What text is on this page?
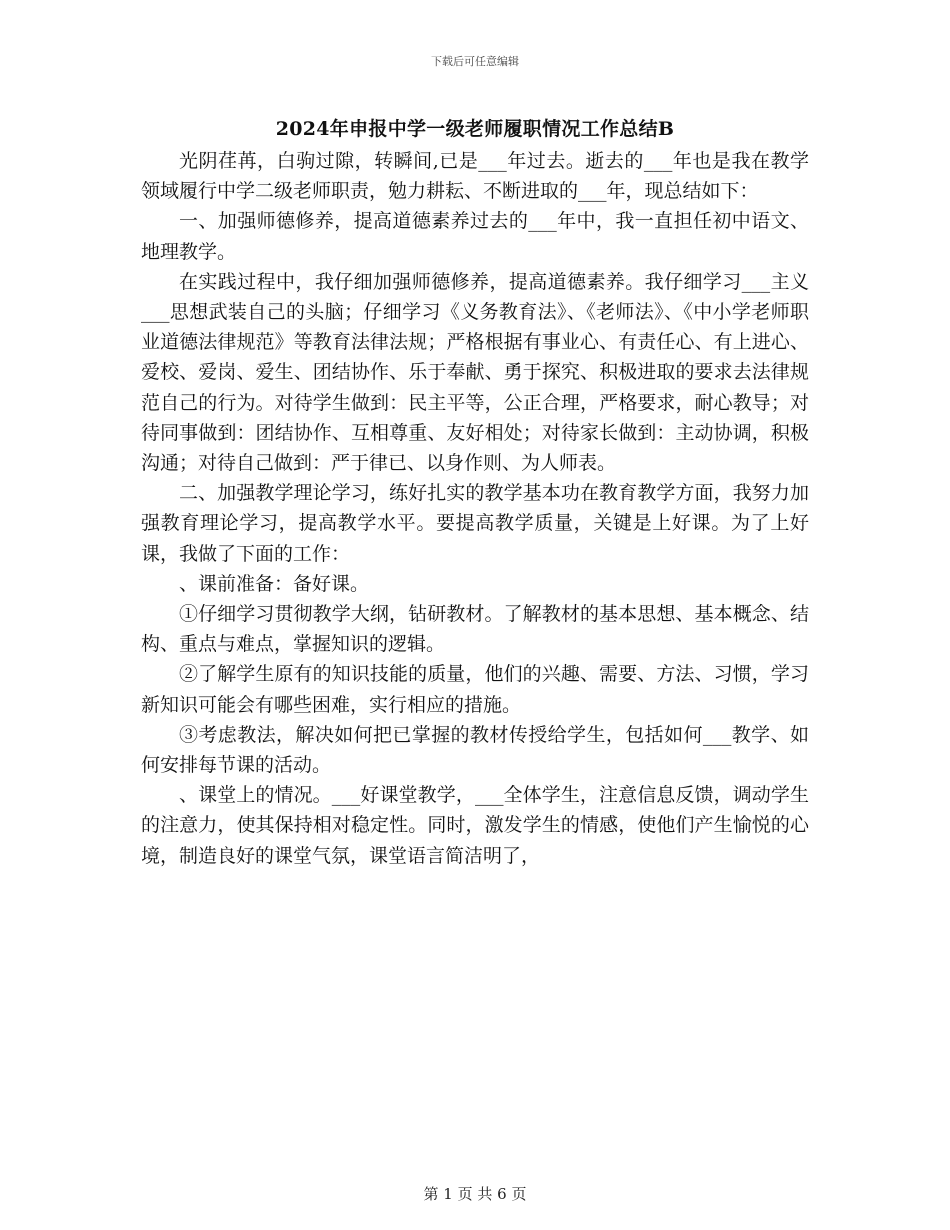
下载后可任意编辑
2024年申报中学一级老师履职情况工作总结B

光阴荏苒，白驹过隙，转瞬间,已是___年过去。逝去的___年也是我在教学领域履行中学二级老师职责，勉力耕耘、不断进取的___年，现总结如下：

一、加强师德修养，提高道德素养过去的___年中，我一直担任初中语文、地理教学。

在实践过程中，我仔细加强师德修养，提高道德素养。我仔细学习___主义___思想武装自己的头脑；仔细学习《义务教育法》、《老师法》、《中小学老师职业道德法律规范》等教育法律法规；严格根据有事业心、有责任心、有上进心、爱校、爱岗、爱生、团结协作、乐于奉献、勇于探究、积极进取的要求去法律规范自己的行为。对待学生做到：民主平等，公正合理，严格要求，耐心教导；对待同事做到：团结协作、互相尊重、友好相处；对待家长做到：主动协调，积极沟通；对待自己做到：严于律已、以身作则、为人师表。

二、加强教学理论学习，练好扎实的教学基本功在教育教学方面，我努力加强教育理论学习，提高教学水平。要提高教学质量，关键是上好课。为了上好课，我做了下面的工作：

、课前准备：备好课。

①仔细学习贯彻教学大纲，钻研教材。了解教材的基本思想、基本概念、结构、重点与难点，掌握知识的逻辑。

②了解学生原有的知识技能的质量，他们的兴趣、需要、方法、习惯，学习新知识可能会有哪些困难，实行相应的措施。

③考虑教法，解决如何把已掌握的教材传授给学生，包括如何___教学、如何安排每节课的活动。

、课堂上的情况。___好课堂教学，___全体学生，注意信息反馈，调动学生的注意力，使其保持相对稳定性。同时，激发学生的情感，使他们产生愉悦的心境，制造良好的课堂气氛，课堂语言简洁明了，

第 1 页 共 6 页
